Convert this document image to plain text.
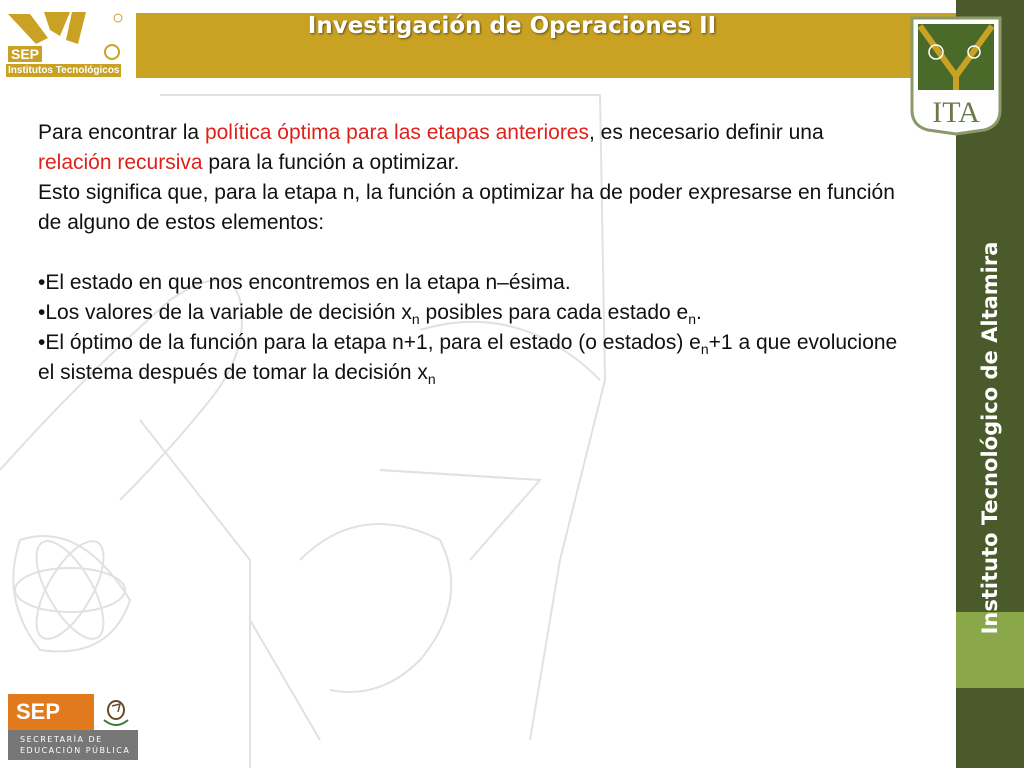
SEP
Institutos Tecnológicos
Investigación de Operaciones II
Instituto Tecnológico de Altamira
ITA

Para encontrar la política óptima para las etapas anteriores, es necesario definir una relación recursiva para la función a optimizar.

Esto significa que, para la etapa n, la función a optimizar ha de poder expresarse en función de alguno de estos elementos:

•El estado en que nos encontremos en la etapa n–ésima.

•Los valores de la variable de decisión $x_n$ posibles para cada estado $e_n$.

•El óptimo de la función para la etapa n+1, para el estado (o estados) $e_n+1$ a que evolucione el sistema después de tomar la decisión $x_n$

SEP
SECRETARÍA DE
EDUCACIÓN PÚBLICA
